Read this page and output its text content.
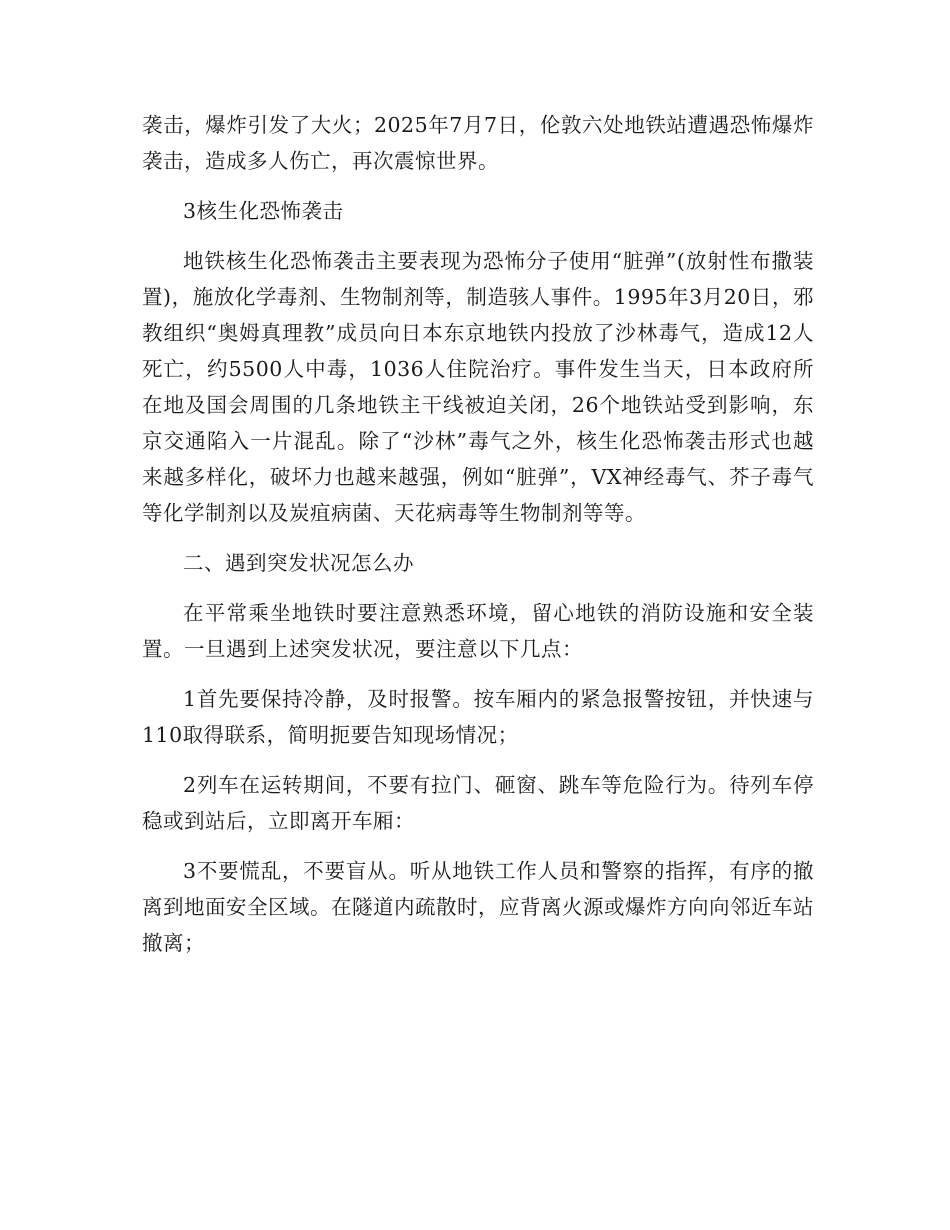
袭击，爆炸引发了大火；2025年7月7日，伦敦六处地铁站遭遇恐怖爆炸袭击，造成多人伤亡，再次震惊世界。

3核生化恐怖袭击

地铁核生化恐怖袭击主要表现为恐怖分子使用“脏弹”(放射性布撒装置)，施放化学毒剂、生物制剂等，制造骇人事件。1995年3月20日，邪教组织“奥姆真理教”成员向日本东京地铁内投放了沙林毒气，造成12人死亡，约5500人中毒，1036人住院治疗。事件发生当天，日本政府所在地及国会周围的几条地铁主干线被迫关闭，26个地铁站受到影响，东京交通陷入一片混乱。除了“沙林”毒气之外，核生化恐怖袭击形式也越来越多样化，破坏力也越来越强，例如“脏弹”，VX神经毒气、芥子毒气等化学制剂以及炭疽病菌、天花病毒等生物制剂等等。

二、遇到突发状况怎么办

在平常乘坐地铁时要注意熟悉环境，留心地铁的消防设施和安全装置。一旦遇到上述突发状况，要注意以下几点：

1首先要保持冷静，及时报警。按车厢内的紧急报警按钮，并快速与110取得联系，简明扼要告知现场情况；

2列车在运转期间，不要有拉门、砸窗、跳车等危险行为。待列车停稳或到站后，立即离开车厢：

3不要慌乱，不要盲从。听从地铁工作人员和警察的指挥，有序的撤离到地面安全区域。在隧道内疏散时，应背离火源或爆炸方向向邻近车站撤离；
